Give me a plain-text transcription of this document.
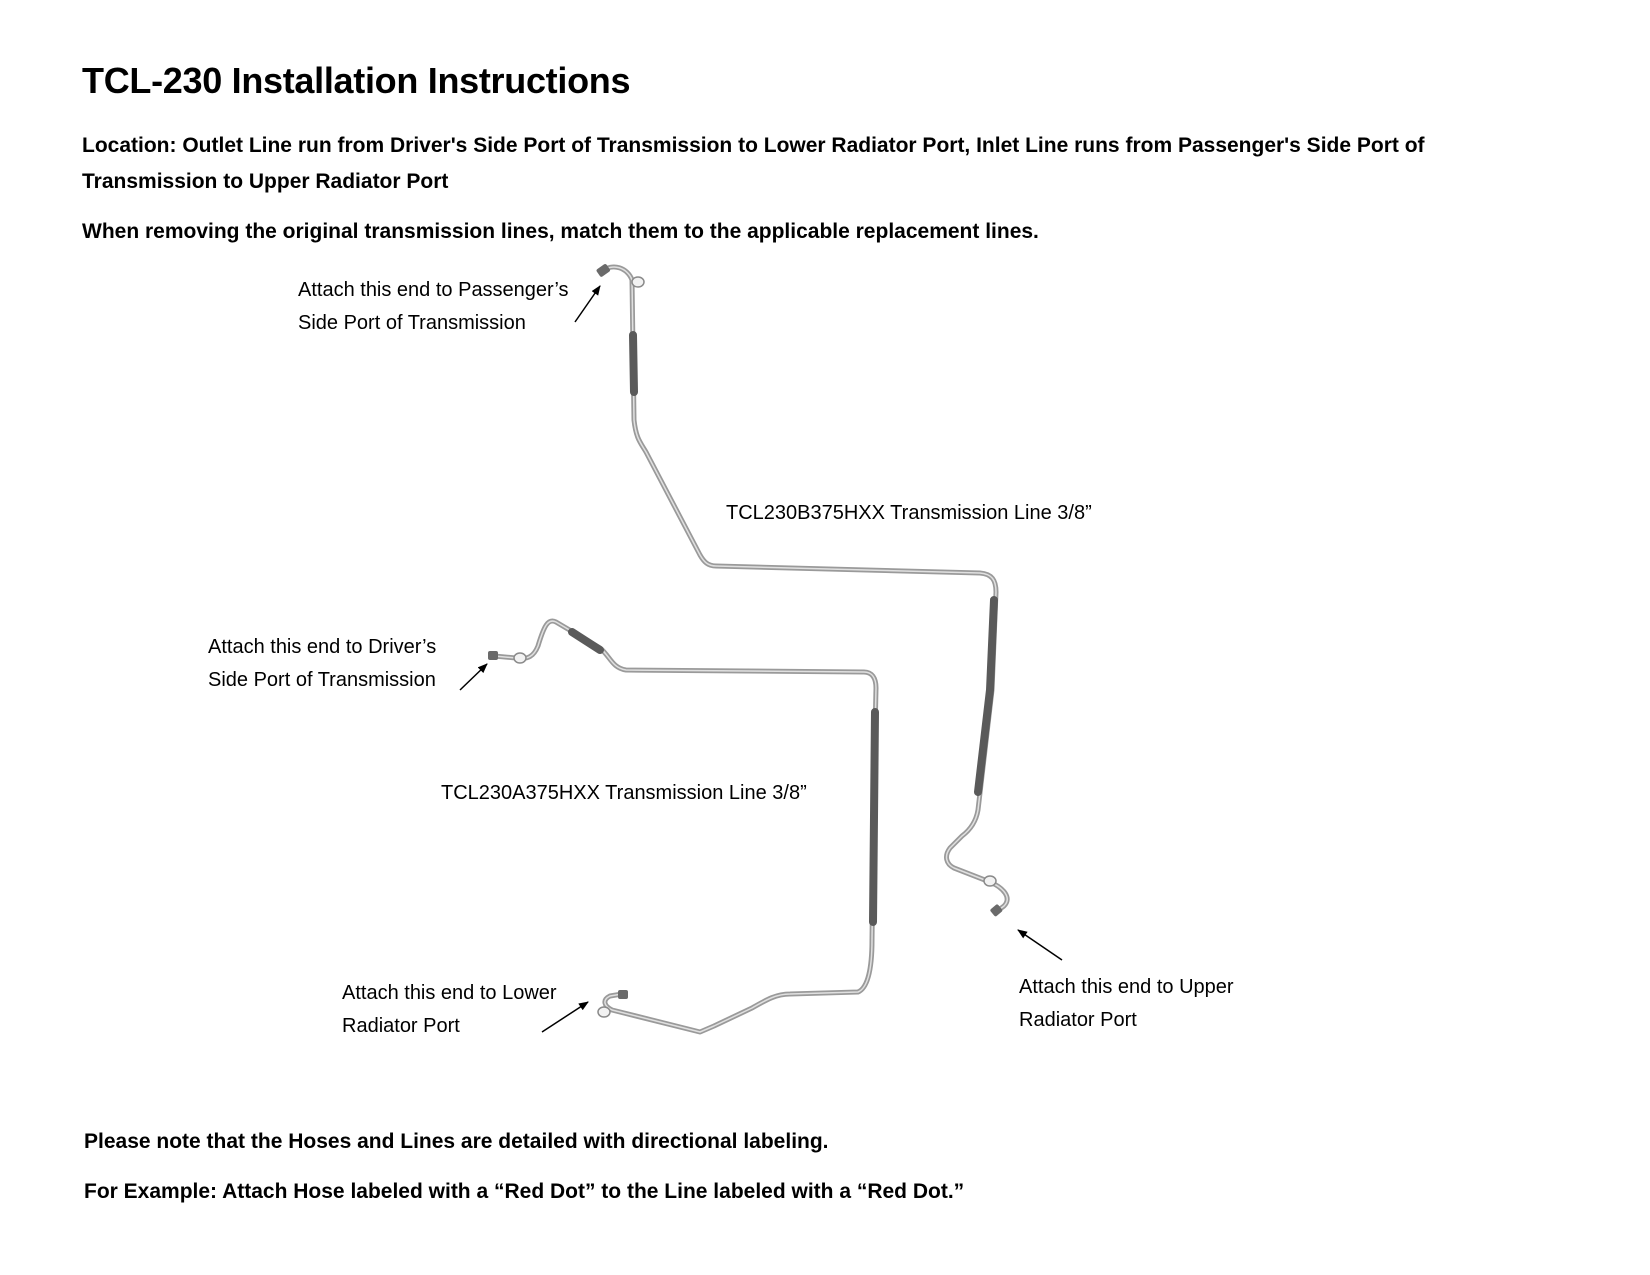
TCL-230 Installation Instructions

Location: Outlet Line run from Driver's Side Port of Transmission to Lower Radiator Port, Inlet Line runs from Passenger's Side Port of Transmission to Upper Radiator Port

When removing the original transmission lines, match them to the applicable replacement lines.

Attach this end to Passenger’s
Side Port of Transmission
Attach this end to Driver’s
Side Port of Transmission
Attach this end to Lower
Radiator Port
Attach this end to Upper
Radiator Port

TCL230B375HXX Transmission Line 3/8”

TCL230A375HXX Transmission Line 3/8”

Please note that the Hoses and Lines are detailed with directional labeling.

For Example: Attach Hose labeled with a “Red Dot” to the Line labeled with a “Red Dot.”
